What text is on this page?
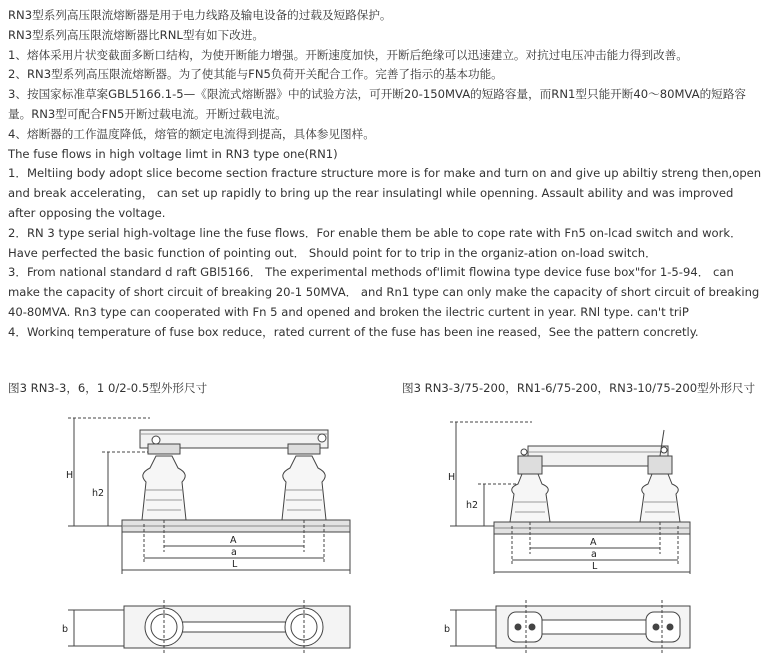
RN3型系列高压限流熔断器是用于电力线路及输电设备的过载及短路保护。

RN3型系列高压限流熔断器比RNL型有如下改进。

1、熔体采用片状变截面多断口结构，为使开断能力增强。开断速度加快，开断后绝缘可以迅速建立。对抗过电压冲击能力得到改善。

2、RN3型系列高压限流熔断器。为了使其能与FN5负荷开关配合工作。完善了指示的基本功能。

3、按国家标准草案GBL5166.1-5—《限流式熔断器》中的试验方法，可开断20-150MVA的短路容量，而RN1型只能开断40～80MVA的短路容量。RN3型可配合FN5开断过载电流。开断过载电流。

4、熔断器的工作温度降低，熔管的额定电流得到提高，具体参见图样。

The fuse flows in high voltage limt in RN3 type one(RN1)

1．Meltiing body adopt slice become section fracture structure more is for make and turn on and give up abiltiy streng then,open and break accelerating， can set up rapidly to bring up the rear insulatingl while openning. Assault ability and was improved after opposing the voltage.

2．RN 3 type serial high-voltage line the fuse flows．For enable them be able to cope rate with Fn5 on-lcad switch and work．Have perfected the basic function of pointing out． Should point for to trip in the organiz-ation on-load switch．

3．From national standard d raft GBl5166． The experimental methods of'limit flowina type device fuse box"for 1-5-94． can make the capacity of short circuit of breaking 20-1 50MVA． and Rn1 type can only make the capacity of short circuit of breaking 40-80MVA. Rn3 type can cooperated with Fn 5 and opened and broken the ilectric curtent in year. RNl type. can't triP

4．Workinq temperature of fuse box reduce，rated current of the fuse has been ine reased，See the pattern concretly.

图3 RN3-3，6，1 0/2-0.5型外形尺寸	图3 RN3-3/75-200，RN1-6/75-200，RN3-10/75-200型外形尺寸
H
h2
A
a
L
b
H
h2
A
a
L
b
